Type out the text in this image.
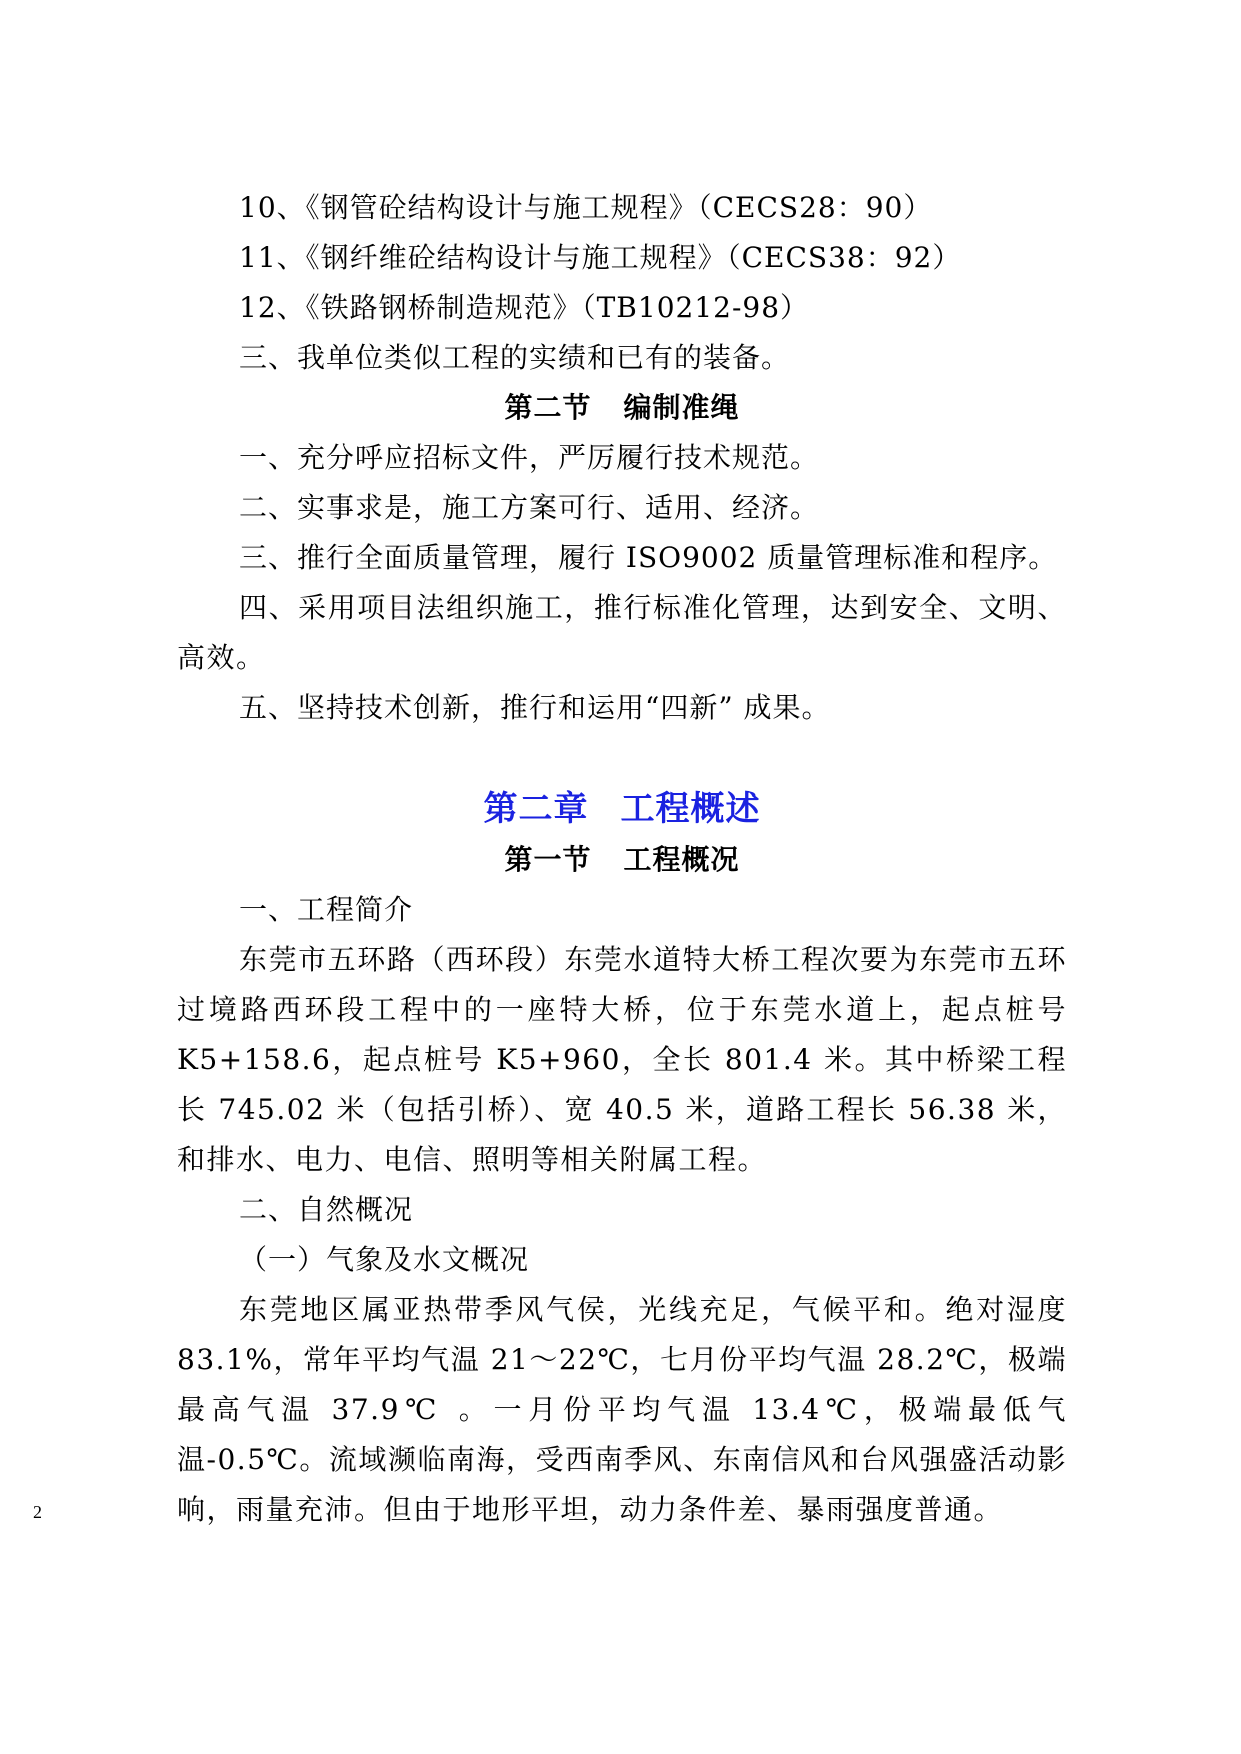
10、《钢管砼结构设计与施工规程》（CECS28：90）
11、《钢纤维砼结构设计与施工规程》（CECS38：92）
12、《铁路钢桥制造规范》（TB10212-98）
三、我单位类似工程的实绩和已有的装备。
第二节 编制准绳
一、充分呼应招标文件，严厉履行技术规范。
二、实事求是，施工方案可行、适用、经济。
三、推行全面质量管理，履行 ISO9002 质量管理标准和程序。
四、采用项目法组织施工，推行标准化管理，达到安全、文明、高效。
五、坚持技术创新，推行和运用“四新” 成果。
第二章 工程概述
第一节 工程概况
一、工程简介
东莞市五环路（西环段）东莞水道特大桥工程次要为东莞市五环过境路西环段工程中的一座特大桥，位于东莞水道上，起点桩号 K5+158.6，起点桩号 K5+960，全长 801.4 米。其中桥梁工程长 745.02 米（包括引桥）、宽 40.5 米，道路工程长 56.38 米，和排水、电力、电信、照明等相关附属工程。
二、自然概况
（一）气象及水文概况
东莞地区属亚热带季风气侯，光线充足，气候平和。绝对湿度 83.1%，常年平均气温 21～22℃，七月份平均气温 28.2℃，极端最高气温 37.9℃ 。一月份平均气温 13.4℃，极端最低气温-0.5℃。流域濒临南海，受西南季风、东南信风和台风强盛活动影响，雨量充沛。但由于地形平坦，动力条件差、暴雨强度普通。
2
